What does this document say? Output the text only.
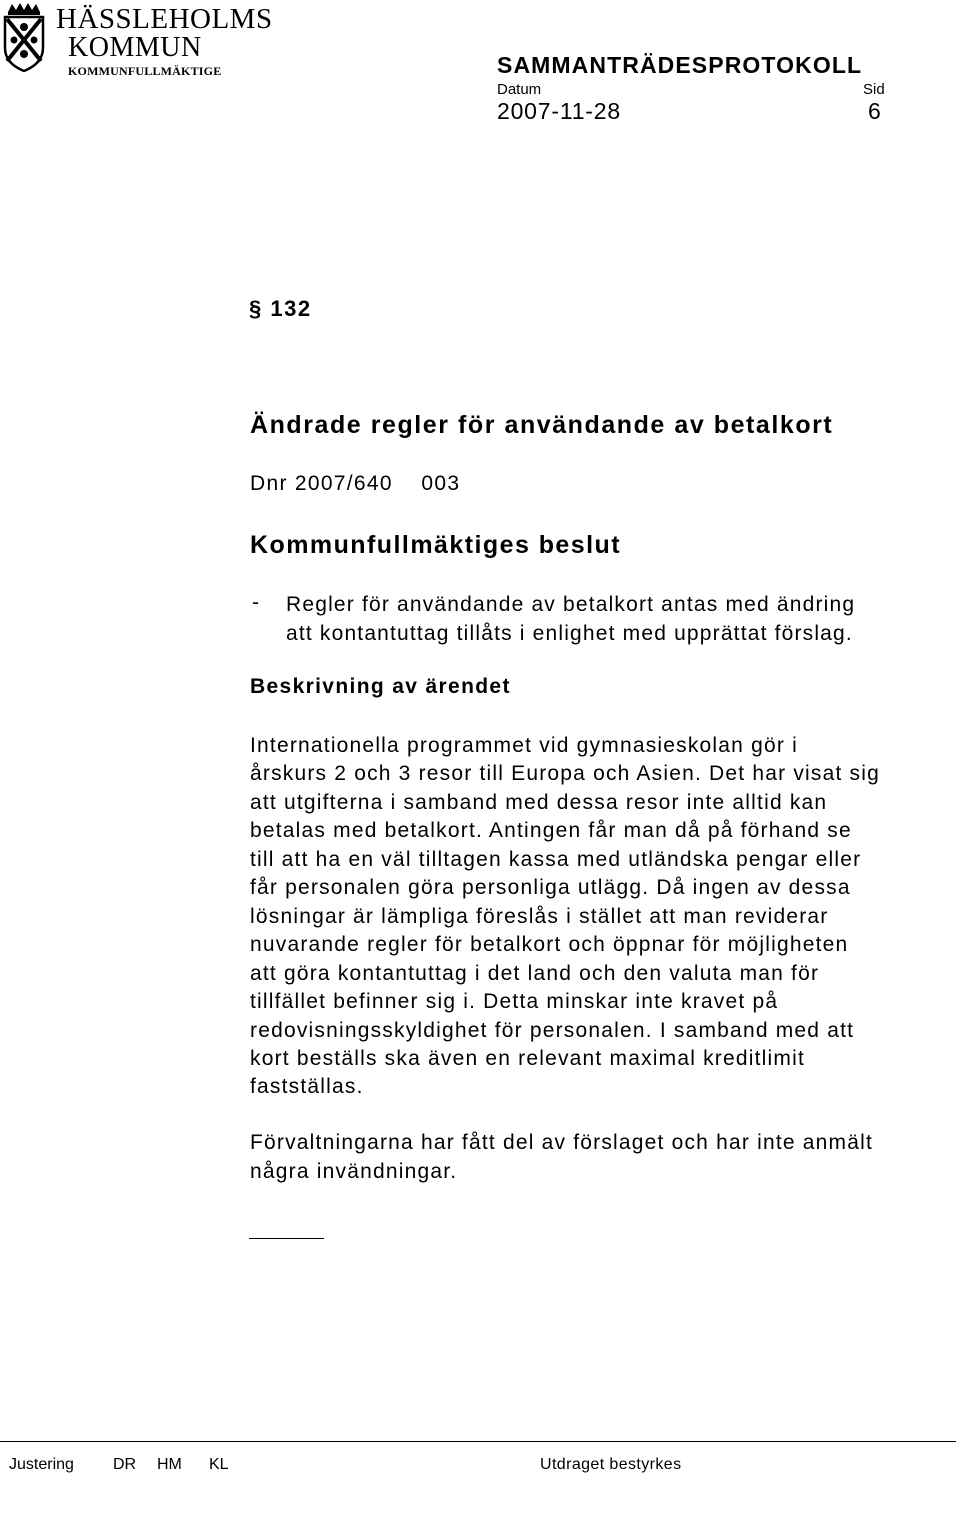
HÄSSLEHOLMS
KOMMUN
KOMMUNFULLMÄKTIGE	SAMMANTRÄDESPROTOKOLL
Datum	Sid
2007-11-28	6
§ 132
Ändrade regler för användande av betalkort
Dnr 2007/640    003
Kommunfullmäktiges beslut
- Regler för användande av betalkort antas med ändring
att kontantuttag tillåts i enlighet med upprättat förslag.
Beskrivning av ärendet
Internationella programmet vid gymnasieskolan gör i
årskurs 2 och 3 resor till Europa och Asien. Det har visat sig
att utgifterna i samband med dessa resor inte alltid kan
betalas med betalkort. Antingen får man då på förhand se
till att ha en väl tilltagen kassa med utländska pengar eller
får personalen göra personliga utlägg. Då ingen av dessa
lösningar är lämpliga föreslås i stället att man reviderar
nuvarande regler för betalkort och öppnar för möjligheten
att göra kontantuttag i det land och den valuta man för
tillfället befinner sig i. Detta minskar inte kravet på
redovisningsskyldighet för personalen. I samband med att
kort beställs ska även en relevant maximal kreditlimit
fastställas.
Förvaltningarna har fått del av förslaget och har inte anmält
några invändningar.
Justering DR HM KL	Utdraget bestyrkes
